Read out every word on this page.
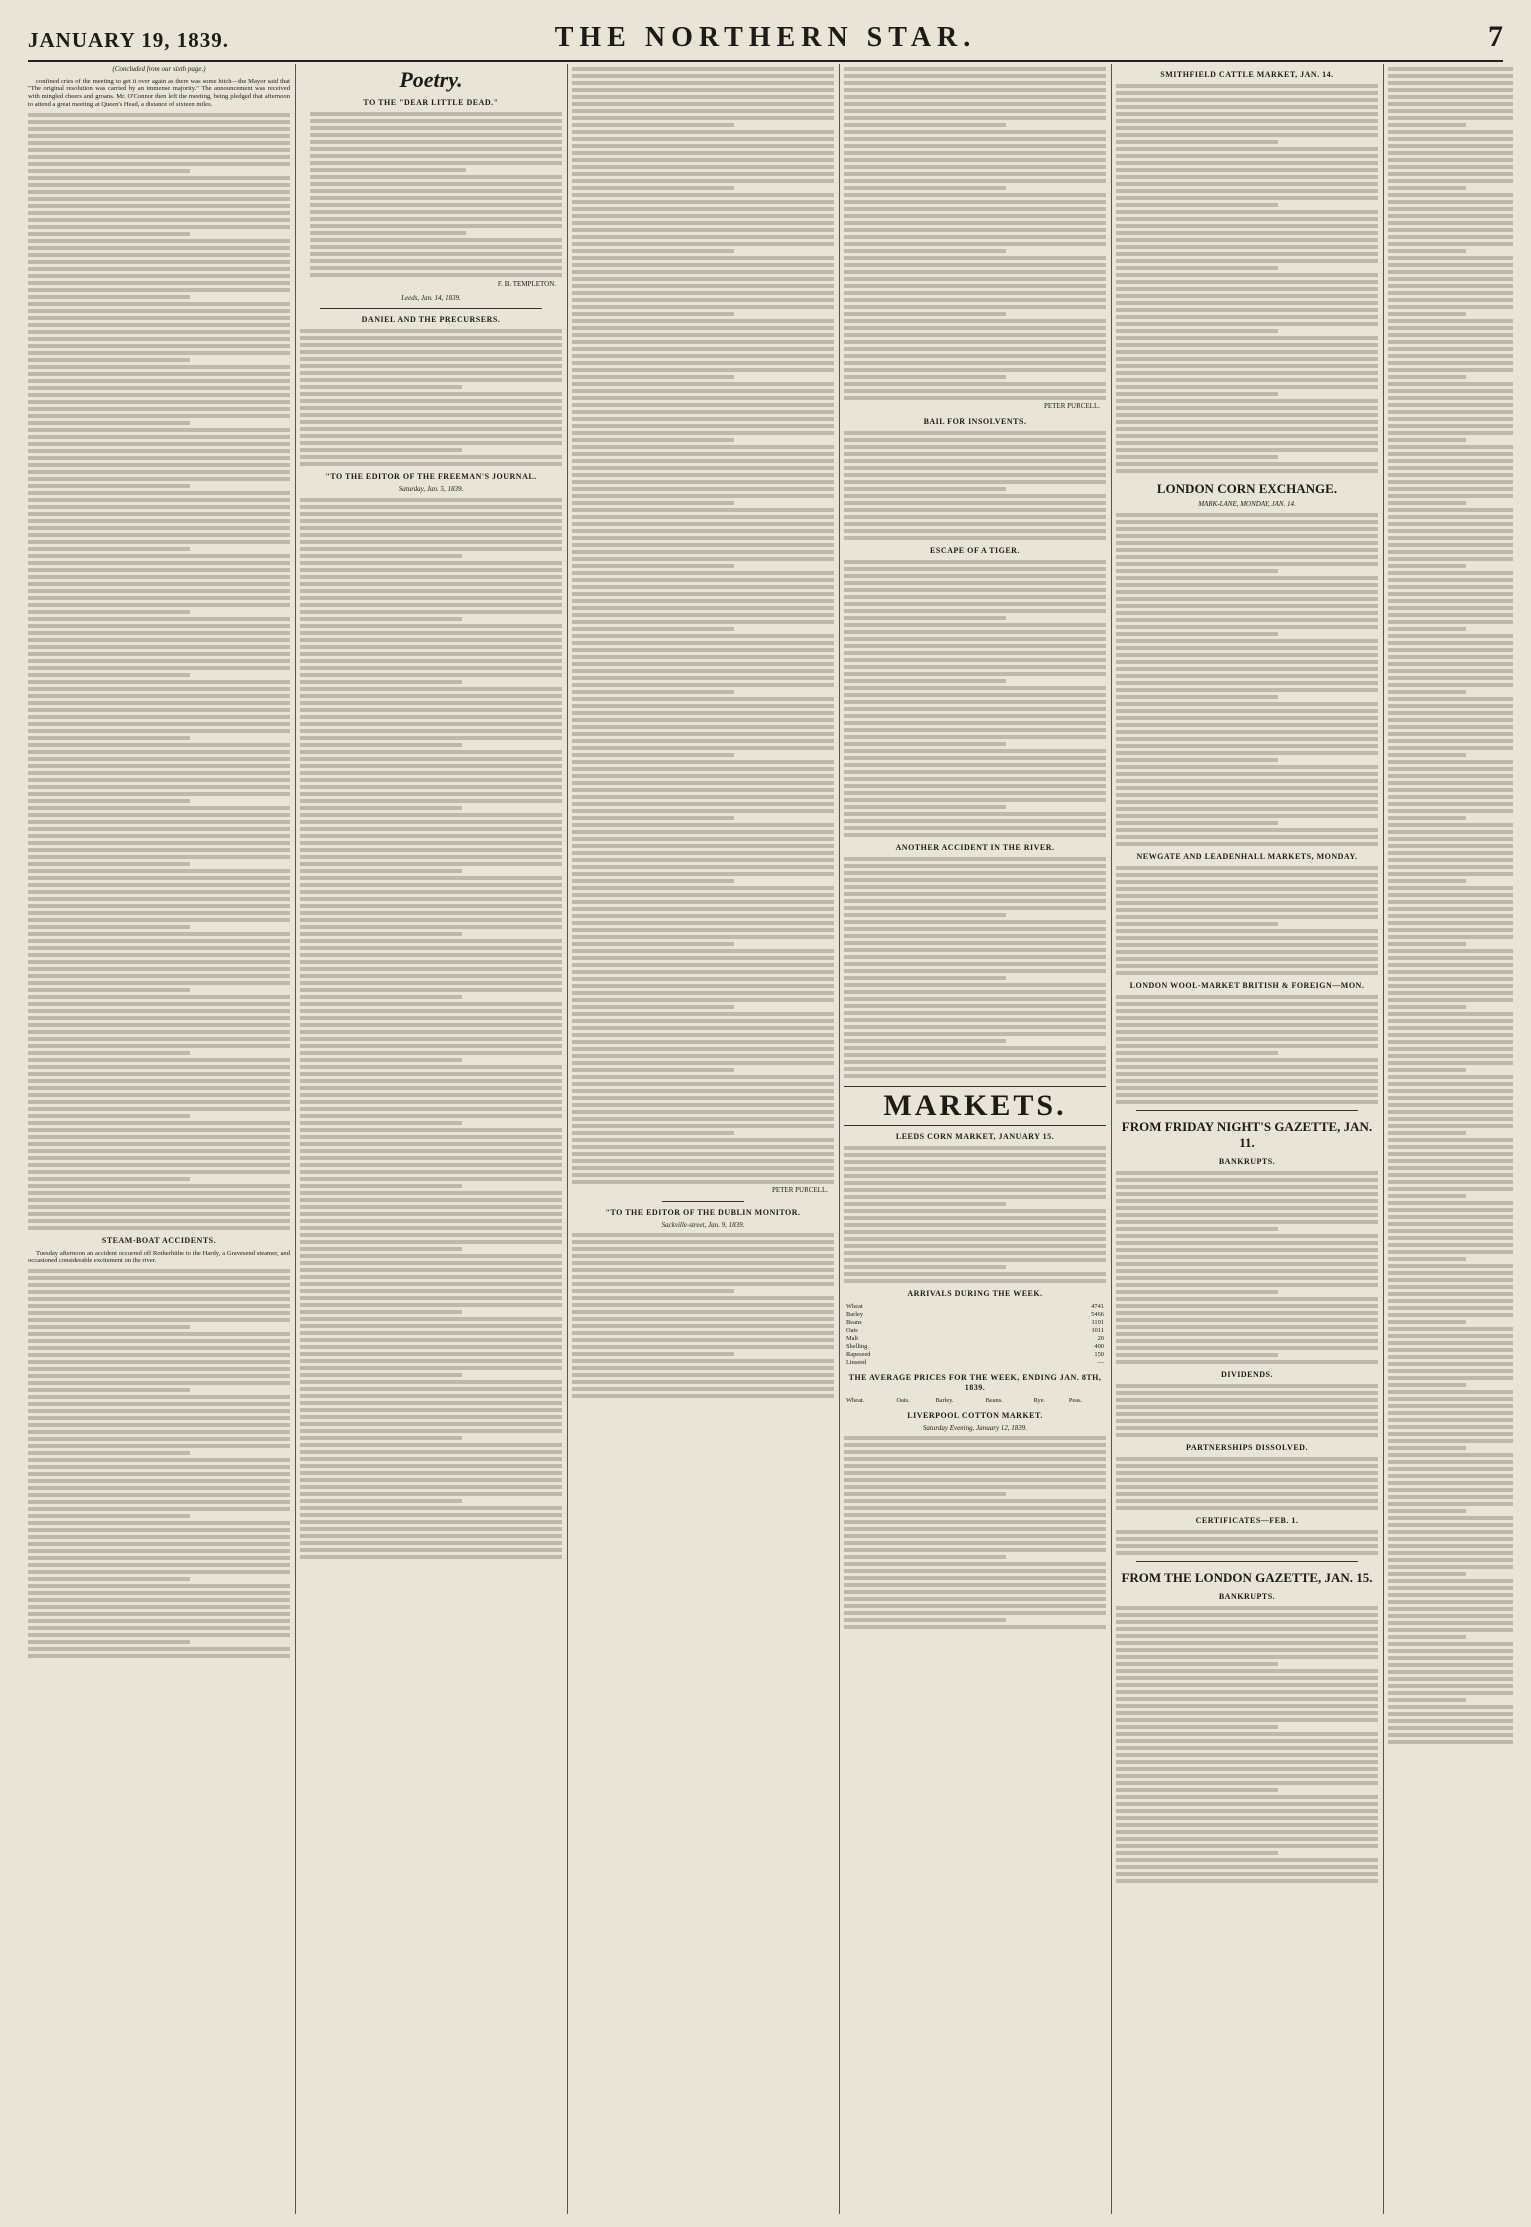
JANUARY 19, 1839.	THE NORTHERN STAR.	7
(Concluded from our sixth page.)

confined cries of the meeting to get it over again as there was some hitch—the Mayor said that "The original resolution was carried by an immense majority." The announcement was received with mingled cheers and groans. Mr. O'Connor then left the meeting, being pledged that afternoon to attend a great meeting at Queen's Head, a distance of sixteen miles.

STEAM-BOAT ACCIDENTS.

Tuesday afternoon an accident occurred off Rotherhithe to the Hardy, a Gravesend steamer, and occasioned considerable excitement on the river.

Poetry.
TO THE "DEAR LITTLE DEAD."
F. B. TEMPLETON.
Leeds, Jan. 14, 1839.
DANIEL AND THE PRECURSERS.
"TO THE EDITOR OF THE FREEMAN'S JOURNAL.
Saturday, Jan. 5, 1839.
PETER PURCELL.
"TO THE EDITOR OF THE DUBLIN MONITOR.
Sackville-street, Jan. 9, 1839.
PETER PURCELL.
BAIL FOR INSOLVENTS.
ESCAPE OF A TIGER.
ANOTHER ACCIDENT IN THE RIVER.
MARKETS.
LEEDS CORN MARKET, JANUARY 15.
ARRIVALS DURING THE WEEK.
Wheat	4741
Barley	5466
Beans	1191
Oats	1011
Malt	20
Shelling	400
Rapeseed	150
Linseed	—
THE AVERAGE PRICES FOR THE WEEK, ENDING JAN. 8TH, 1839.
Wheat.	Oats.	Barley.	Beans.	Rye.	Peas.
LIVERPOOL COTTON MARKET.
Saturday Evening, January 12, 1839.
SMITHFIELD CATTLE MARKET, JAN. 14.
LONDON CORN EXCHANGE.
MARK-LANE, MONDAY, JAN. 14.
NEWGATE AND LEADENHALL MARKETS, MONDAY.
LONDON WOOL-MARKET BRITISH & FOREIGN—MON.
FROM FRIDAY NIGHT'S GAZETTE, JAN. 11.
BANKRUPTS.
DIVIDENDS.
PARTNERSHIPS DISSOLVED.
CERTIFICATES—FEB. 1.
FROM THE LONDON GAZETTE, JAN. 15.
BANKRUPTS.
